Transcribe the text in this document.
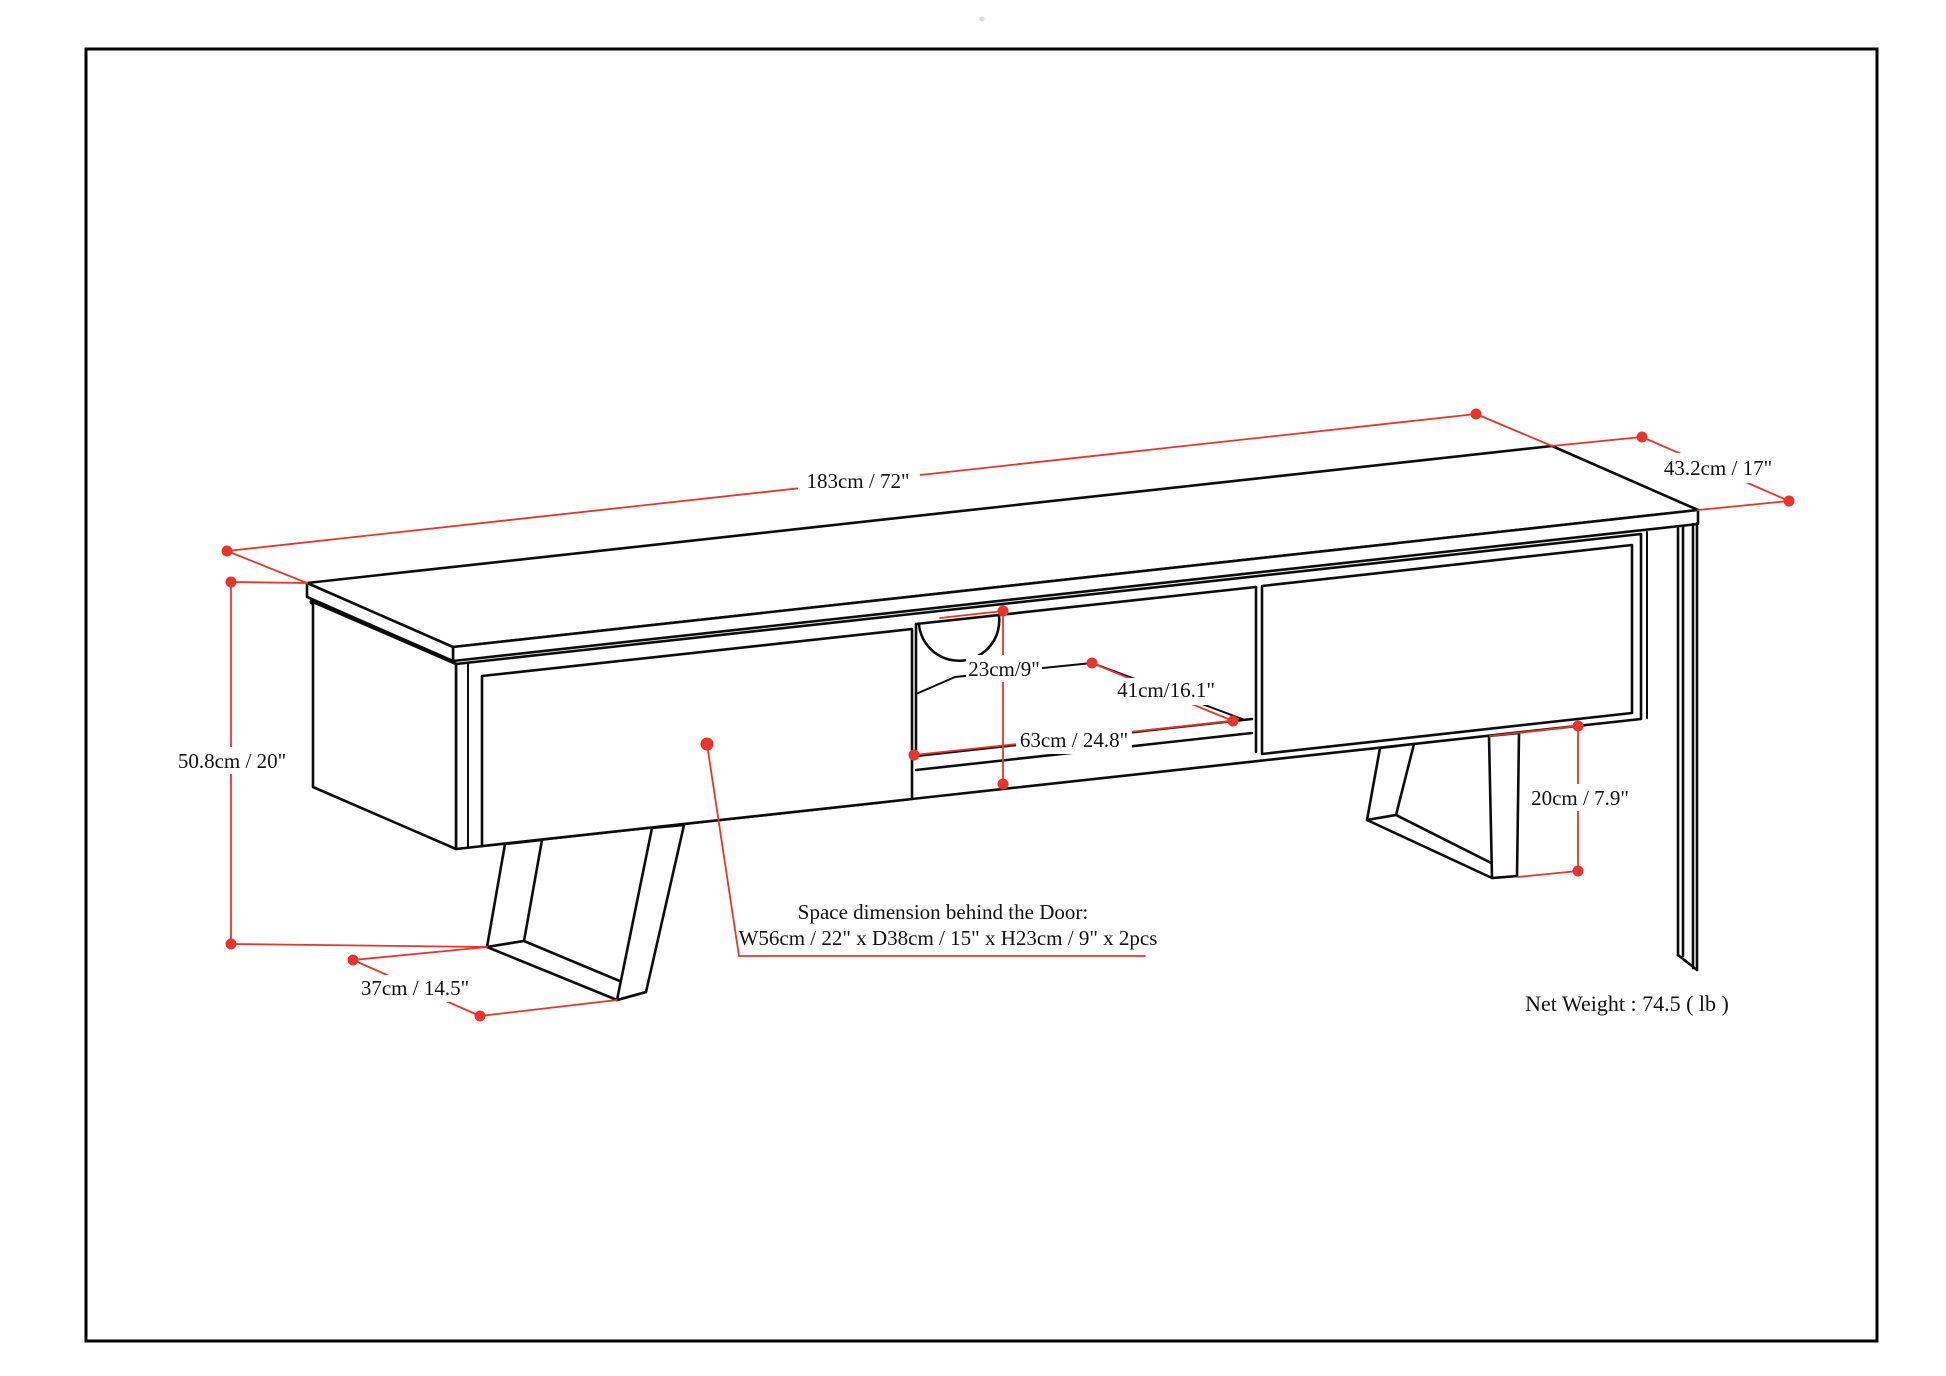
183cm / 72"
43.2cm / 17"
50.8cm / 20"
37cm / 14.5"
23cm/9"
41cm/16.1"
63cm / 24.8"
20cm / 7.9"
Space dimension behind the Door:
W56cm / 22" x D38cm / 15" x H23cm / 9" x 2pcs
Net Weight : 74.5 ( lb )
